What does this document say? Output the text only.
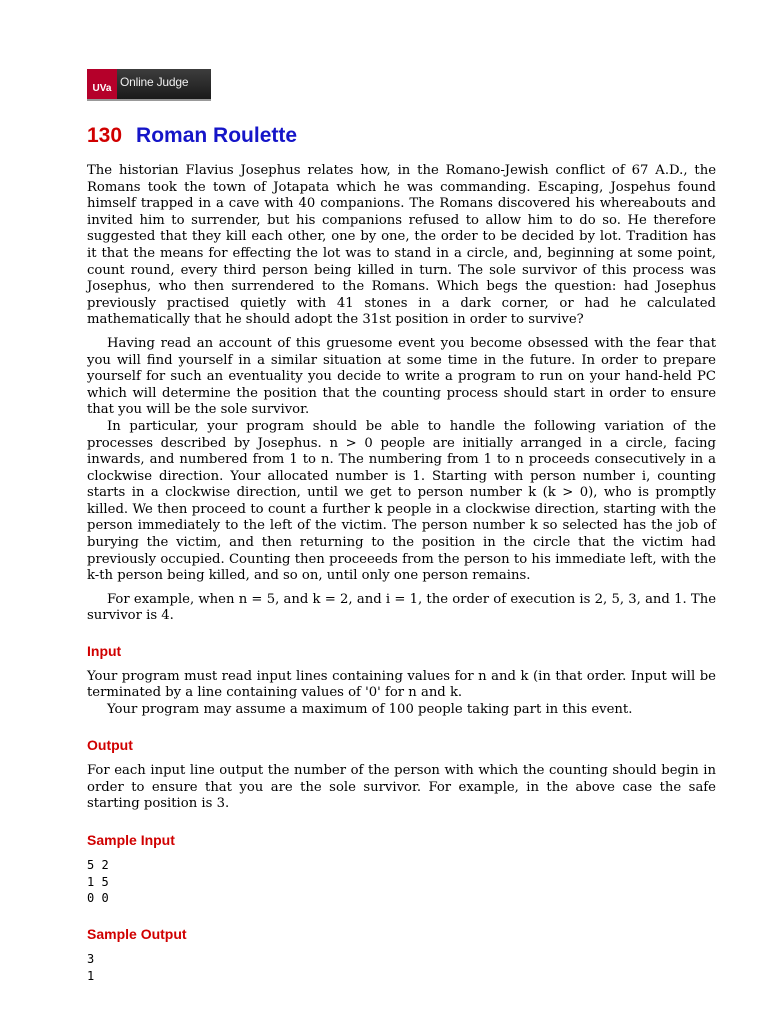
UVa Online Judge
130 Roman Roulette

The historian Flavius Josephus relates how, in the Romano-Jewish conflict of 67 A.D., the Romans took the town of Jotapata which he was commanding. Escaping, Jospehus found himself trapped in a cave with 40 companions. The Romans discovered his whereabouts and invited him to surrender, but his companions refused to allow him to do so. He therefore suggested that they kill each other, one by one, the order to be decided by lot. Tradition has it that the means for effecting the lot was to stand in a circle, and, beginning at some point, count round, every third person being killed in turn. The sole survivor of this process was Josephus, who then surrendered to the Romans. Which begs the question: had Josephus previously practised quietly with 41 stones in a dark corner, or had he calculated mathematically that he should adopt the 31st position in order to survive?

Having read an account of this gruesome event you become obsessed with the fear that you will find yourself in a similar situation at some time in the future. In order to prepare yourself for such an eventuality you decide to write a program to run on your hand-held PC which will determine the position that the counting process should start in order to ensure that you will be the sole survivor.

In particular, your program should be able to handle the following variation of the processes described by Josephus. n > 0 people are initially arranged in a circle, facing inwards, and numbered from 1 to n. The numbering from 1 to n proceeds consecutively in a clockwise direction. Your allocated number is 1. Starting with person number i, counting starts in a clockwise direction, until we get to person number k (k > 0), who is promptly killed. We then proceed to count a further k people in a clockwise direction, starting with the person immediately to the left of the victim. The person number k so selected has the job of burying the victim, and then returning to the position in the circle that the victim had previously occupied. Counting then proceeeds from the person to his immediate left, with the k-th person being killed, and so on, until only one person remains.

For example, when n = 5, and k = 2, and i = 1, the order of execution is 2, 5, 3, and 1. The survivor is 4.

Input

Your program must read input lines containing values for n and k (in that order. Input will be terminated by a line containing values of '0' for n and k.

Your program may assume a maximum of 100 people taking part in this event.

Output

For each input line output the number of the person with which the counting should begin in order to ensure that you are the sole survivor. For example, in the above case the safe starting position is 3.

Sample Input
5 2
1 5
0 0
Sample Output
3
1
